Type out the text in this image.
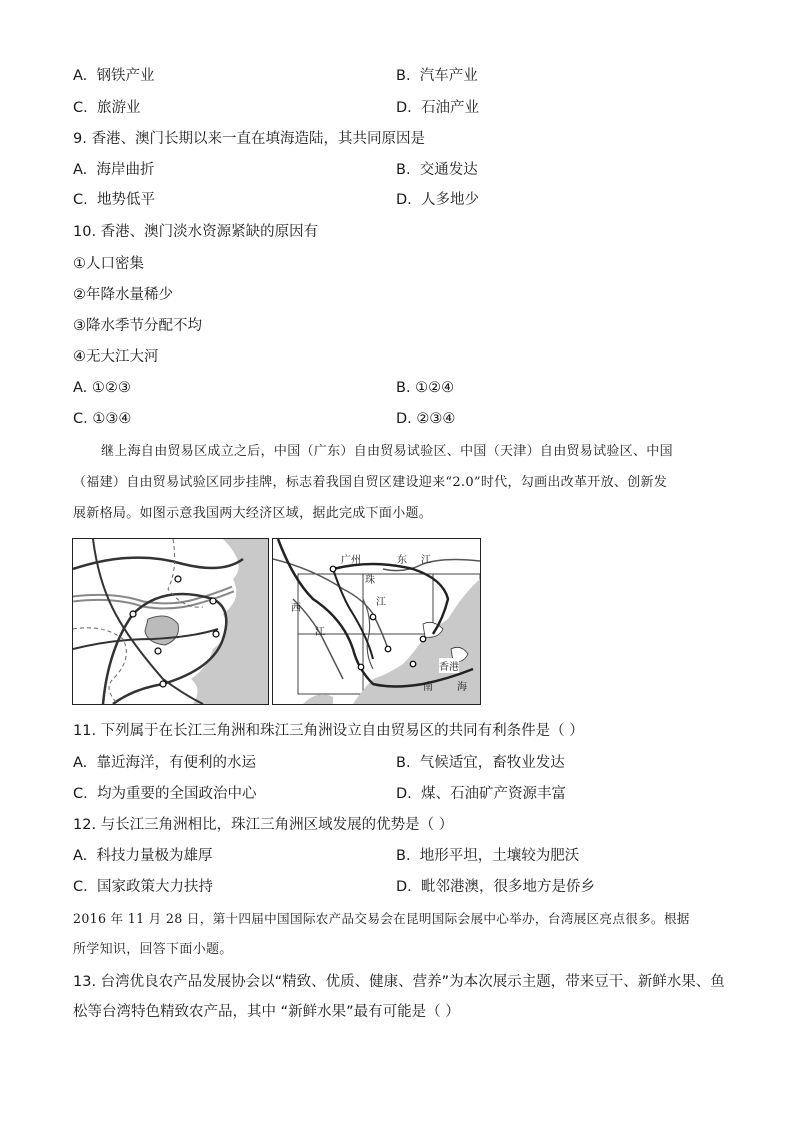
A. 钢铁产业	B. 汽车产业
C. 旅游业	D. 石油产业
9. 香港、澳门长期以来一直在填海造陆，其共同原因是
A. 海岸曲折	B. 交通发达
C. 地势低平	D. 人多地少
10. 香港、澳门淡水资源紧缺的原因有
①人口密集
②年降水量稀少
③降水季节分配不均
④无大江大河
A. ①②③	B. ①②④
C. ①③④	D. ②③④
继上海自由贸易区成立之后，中国（广东）自由贸易试验区、中国（天津）自由贸易试验区、中国
（福建）自由贸易试验区同步挂牌，标志着我国自贸区建设迎来“2.0”时代，勾画出改革开放、创新发
展新格局。如图示意我国两大经济区域，据此完成下面小题。
广州	东 江
珠
江
西
江
香港
南 海
11. 下列属于在长江三角洲和珠江三角洲设立自由贸易区的共同有利条件是（ ）
A. 靠近海洋，有便利的水运	B. 气候适宜，畜牧业发达
C. 均为重要的全国政治中心	D. 煤、石油矿产资源丰富
12. 与长江三角洲相比，珠江三角洲区域发展的优势是（ ）
A. 科技力量极为雄厚	B. 地形平坦，土壤较为肥沃
C. 国家政策大力扶持	D. 毗邻港澳，很多地方是侨乡
2016 年 11 月 28 日，第十四届中国国际农产品交易会在昆明国际会展中心举办，台湾展区亮点很多。根据
所学知识，回答下面小题。
13. 台湾优良农产品发展协会以“精致、优质、健康、营养”为本次展示主题，带来豆干、新鲜水果、鱼
松等台湾特色精致农产品，其中 “新鲜水果”最有可能是（ ）
